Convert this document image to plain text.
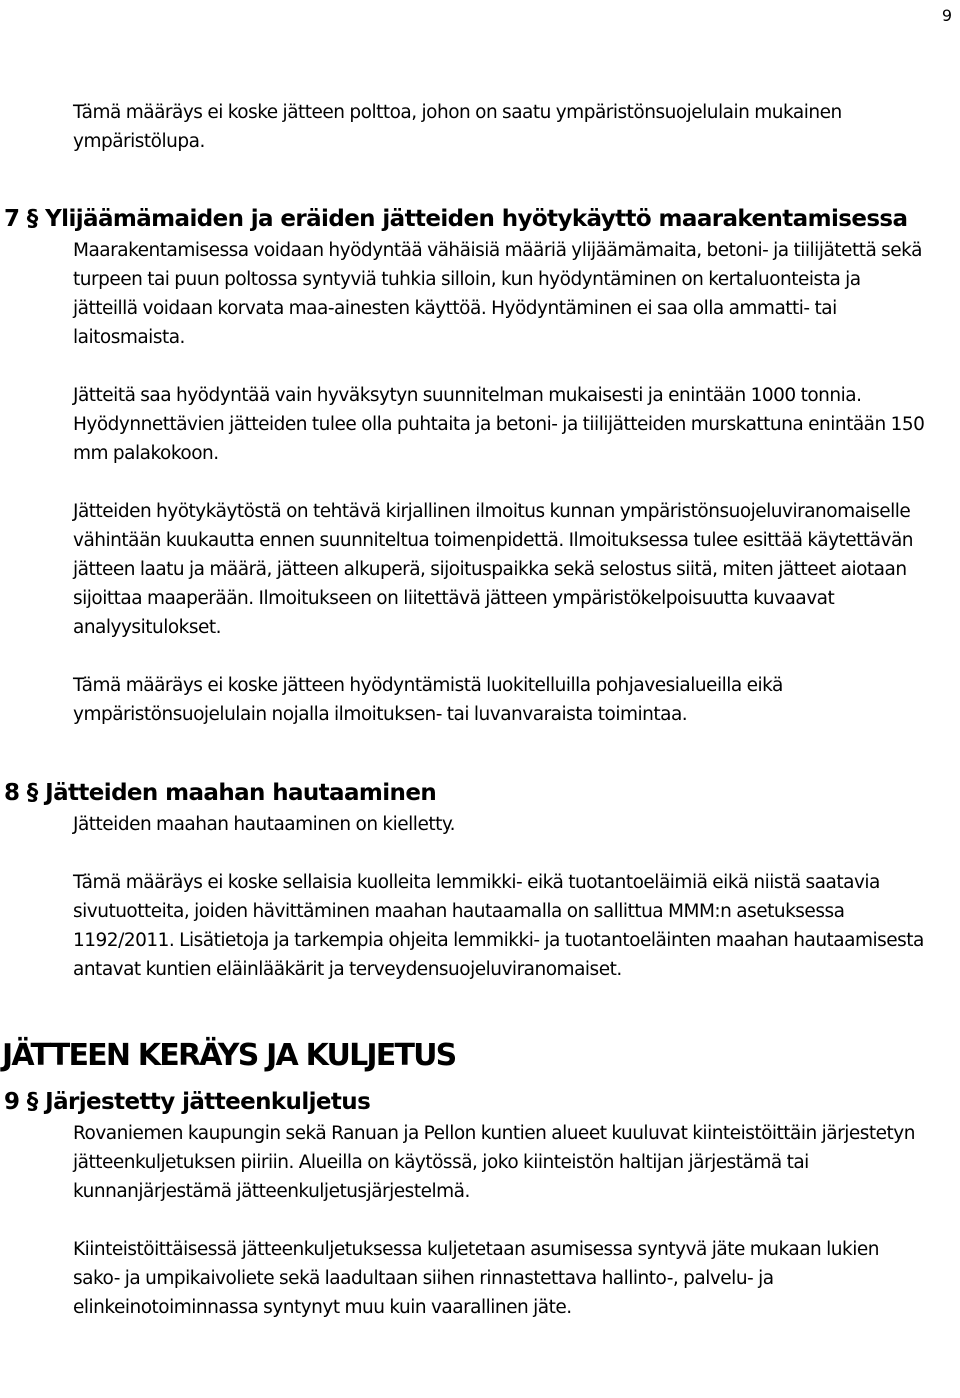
9

Tämä määräys ei koske jätteen polttoa, johon on saatu ympäristönsuojelulain mukainen ympäristölupa.

7 § Ylijäämämaiden ja eräiden jätteiden hyötykäyttö maarakentamisessa

Maarakentamisessa voidaan hyödyntää vähäisiä määriä ylijäämämaita, betoni- ja tiilijätettä sekä turpeen tai puun poltossa syntyviä tuhkia silloin, kun hyödyntäminen on kertaluonteista ja jätteillä voidaan korvata maa-ainesten käyttöä. Hyödyntäminen ei saa olla ammatti- tai laitosmaista.

Jätteitä saa hyödyntää vain hyväksytyn suunnitelman mukaisesti ja enintään 1000 tonnia. Hyödynnettävien jätteiden tulee olla puhtaita ja betoni- ja tiilijätteiden murskattuna enintään 150 mm palakokoon.

Jätteiden hyötykäytöstä on tehtävä kirjallinen ilmoitus kunnan ympäristönsuojeluviranomaiselle vähintään kuukautta ennen suunniteltua toimenpidettä. Ilmoituksessa tulee esittää käytettävän jätteen laatu ja määrä, jätteen alkuperä, sijoituspaikka sekä selostus siitä, miten jätteet aiotaan sijoittaa maaperään. Ilmoitukseen on liitettävä jätteen ympäristökelpoisuutta kuvaavat analyysitulokset.

Tämä määräys ei koske jätteen hyödyntämistä luokitelluilla pohjavesialueilla eikä ympäristönsuojelulain nojalla ilmoituksen- tai luvanvaraista toimintaa.

8 § Jätteiden maahan hautaaminen

Jätteiden maahan hautaaminen on kielletty.

Tämä määräys ei koske sellaisia kuolleita lemmikki- eikä tuotantoeläimiä eikä niistä saatavia sivutuotteita, joiden hävittäminen maahan hautaamalla on sallittua MMM:n asetuksessa 1192/2011. Lisätietoja ja tarkempia ohjeita lemmikki- ja tuotantoeläinten maahan hautaamisesta antavat kuntien eläinlääkärit ja terveydensuojeluviranomaiset.

JÄTTEEN KERÄYS JA KULJETUS
9 § Järjestetty jätteenkuljetus

Rovaniemen kaupungin sekä Ranuan ja Pellon kuntien alueet kuuluvat kiinteistöittäin järjestetyn jätteenkuljetuksen piiriin. Alueilla on käytössä, joko kiinteistön haltijan järjestämä tai kunnanjärjestämä jätteenkuljetusjärjestelmä.

Kiinteistöittäisessä jätteenkuljetuksessa kuljetetaan asumisessa syntyvä jäte mukaan lukien sako- ja umpikaivoliete sekä laadultaan siihen rinnastettava hallinto-, palvelu- ja elinkeinotoiminnassa syntynyt muu kuin vaarallinen jäte.
